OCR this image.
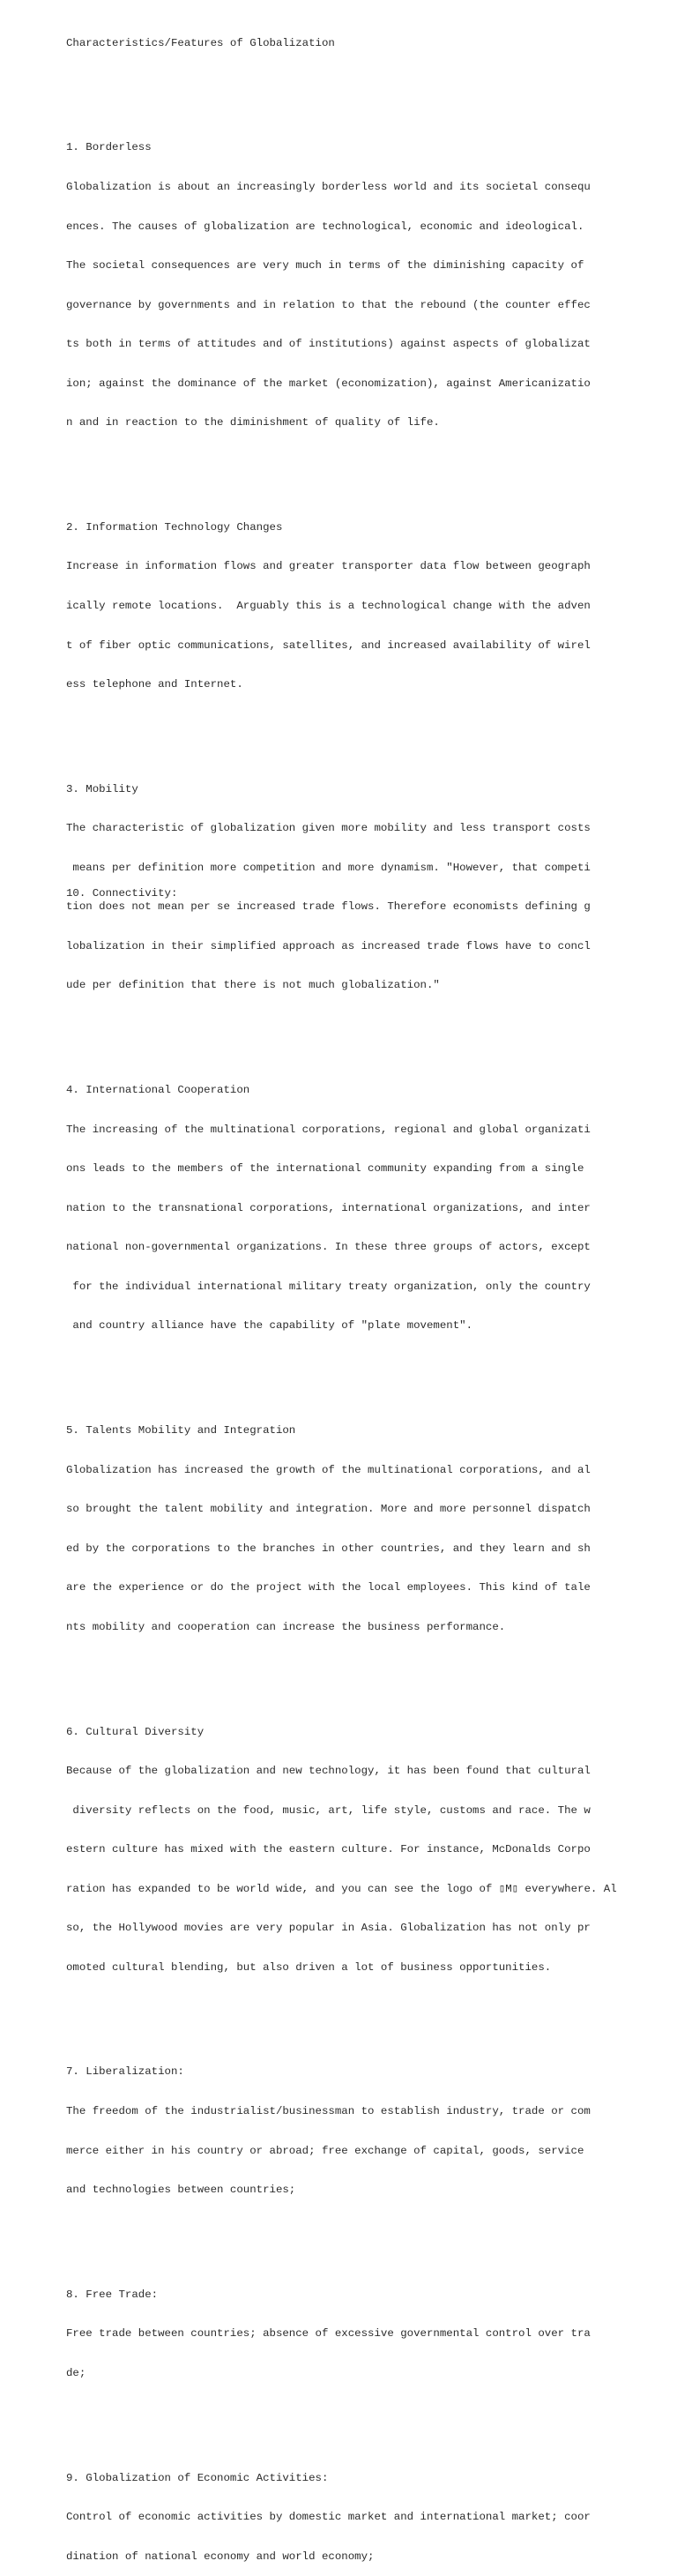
Characteristics/Features of Globalization

1. Borderless

Globalization is about an increasingly borderless world and its societal consequ

ences. The causes of globalization are technological, economic and ideological.

The societal consequences are very much in terms of the diminishing capacity of

governance by governments and in relation to that the rebound (the counter effec

ts both in terms of attitudes and of institutions) against aspects of globalizat

ion; against the dominance of the market (economization), against Americanizatio

n and in reaction to the diminishment of quality of life.

2. Information Technology Changes

Increase in information flows and greater transporter data flow between geograph

ically remote locations.  Arguably this is a technological change with the adven

t of fiber optic communications, satellites, and increased availability of wirel

ess telephone and Internet.

3. Mobility

The characteristic of globalization given more mobility and less transport costs

means per definition more competition and more dynamism. "However, that competi

tion does not mean per se increased trade flows. Therefore economists defining g

lobalization in their simplified approach as increased trade flows have to concl

ude per definition that there is not much globalization."

4. International Cooperation

The increasing of the multinational corporations, regional and global organizati

ons leads to the members of the international community expanding from a single

nation to the transnational corporations, international organizations, and inter

national non-governmental organizations. In these three groups of actors, except

for the individual international military treaty organization, only the country

and country alliance have the capability of "plate movement".

5. Talents Mobility and Integration

Globalization has increased the growth of the multinational corporations, and al

so brought the talent mobility and integration. More and more personnel dispatch

ed by the corporations to the branches in other countries, and they learn and sh

are the experience or do the project with the local employees. This kind of tale

nts mobility and cooperation can increase the business performance.

6. Cultural Diversity

Because of the globalization and new technology, it has been found that cultural

diversity reflects on the food, music, art, life style, customs and race. The w

estern culture has mixed with the eastern culture. For instance, McDonalds Corpo

ration has expanded to be world wide, and you can see the logo of ▯M▯ everywhere. Al

so, the Hollywood movies are very popular in Asia. Globalization has not only pr

omoted cultural blending, but also driven a lot of business opportunities.

7. Liberalization:

The freedom of the industrialist/businessman to establish industry, trade or com

merce either in his country or abroad; free exchange of capital, goods, service

and technologies between countries;

8. Free Trade:

Free trade between countries; absence of excessive governmental control over tra

de;

9. Globalization of Economic Activities:

Control of economic activities by domestic market and international market; coor

dination of national economy and world economy;

10. Connectivity:
